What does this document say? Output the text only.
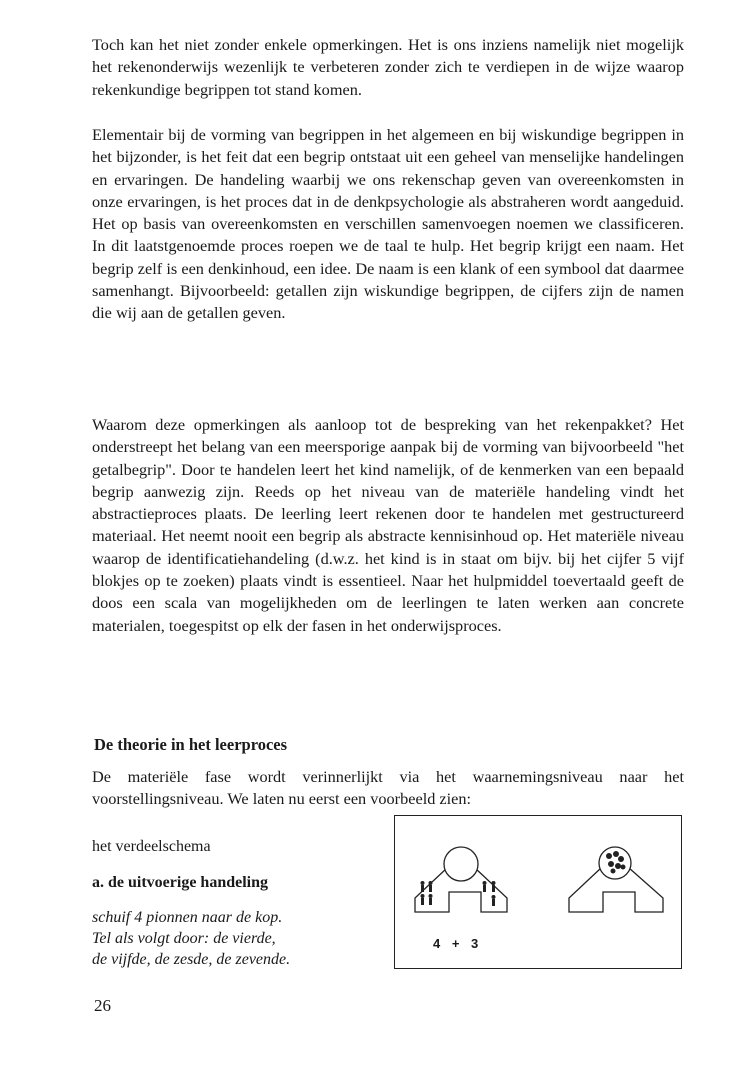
Toch kan het niet zonder enkele opmerkingen. Het is ons inziens namelijk niet mogelijk het rekenonderwijs wezenlijk te verbeteren zonder zich te verdiepen in de wijze waarop rekenkundige begrippen tot stand komen.

Elementair bij de vorming van begrippen in het algemeen en bij wiskundige begrippen in het bijzonder, is het feit dat een begrip ontstaat uit een geheel van menselijke handelingen en ervaringen. De handeling waarbij we ons rekenschap geven van overeenkomsten in onze ervaringen, is het proces dat in de denkpsychologie als abstraheren wordt aangeduid. Het op basis van overeenkomsten en verschillen samenvoegen noemen we classificeren. In dit laatstgenoemde proces roepen we de taal te hulp. Het begrip krijgt een naam. Het begrip zelf is een denkinhoud, een idee. De naam is een klank of een symbool dat daarmee samenhangt. Bijvoorbeeld: getallen zijn wiskundige begrippen, de cijfers zijn de namen die wij aan de getallen geven.

Waarom deze opmerkingen als aanloop tot de bespreking van het rekenpakket? Het onderstreept het belang van een meersporige aanpak bij de vorming van bijvoorbeeld "het getalbegrip". Door te handelen leert het kind namelijk, of de kenmerken van een bepaald begrip aanwezig zijn. Reeds op het niveau van de materiële handeling vindt het abstractieproces plaats. De leerling leert rekenen door te handelen met gestructureerd materiaal. Het neemt nooit een begrip als abstracte kennisinhoud op. Het materiële niveau waarop de identificatiehandeling (d.w.z. het kind is in staat om bijv. bij het cijfer 5 vijf blokjes op te zoeken) plaats vindt is essentieel. Naar het hulpmiddel toevertaald geeft de doos een scala van mogelijkheden om de leerlingen te laten werken aan concrete materialen, toegespitst op elk der fasen in het onderwijsproces.

De theorie in het leerproces

De materiële fase wordt verinnerlijkt via het waarnemingsniveau naar het voorstellingsniveau. We laten nu eerst een voorbeeld zien:

het verdeelschema

a. de uitvoerige handeling

schuif 4 pionnen naar de kop.
Tel als volgt door: de vierde,
de vijfde, de zesde, de zevende.
4 + 3

26
